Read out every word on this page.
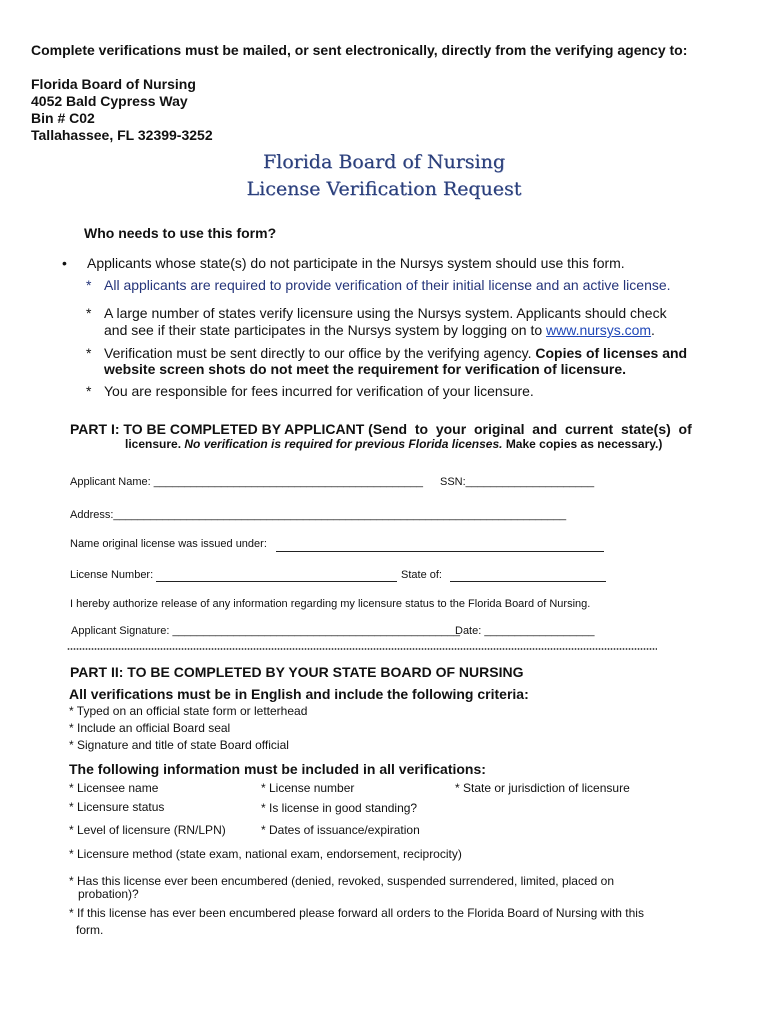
Complete verifications must be mailed, or sent electronically, directly from the verifying agency to:
Florida Board of Nursing
4052 Bald Cypress Way
Bin # C02
Tallahassee, FL 32399-3252
Florida Board of Nursing
License Verification Request
Who needs to use this form?
• Applicants whose state(s) do not participate in the Nursys system should use this form.
* All applicants are required to provide verification of their initial license and an active license.
* A large number of states verify licensure using the Nursys system. Applicants should check
and see if their state participates in the Nursys system by logging on to www.nursys.com.
* Verification must be sent directly to our office by the verifying agency. Copies of licenses and
website screen shots do not meet the requirement for verification of licensure.
* You are responsible for fees incurred for verification of your licensure.
PART I: TO BE COMPLETED BY APPLICANT (Send  to  your  original  and  current  state(s)  of
licensure. No verification is required for previous Florida licenses. Make copies as necessary.)
Applicant Name: ____________________________________________ SSN:_____________________
Address:__________________________________________________________________________
Name original license was issued under:
License Number:	State of:
I hereby authorize release of any information regarding my licensure status to the Florida Board of Nursing.
Applicant Signature: _______________________________________________
Date: __________________
PART II: TO BE COMPLETED BY YOUR STATE BOARD OF NURSING
All verifications must be in English and include the following criteria:
* Typed on an official state form or letterhead
* Include an official Board seal
* Signature and title of state Board official
The following information must be included in all verifications:
* Licensee name	* License number	* State or jurisdiction of licensure
* Licensure status	* Is license in good standing?
* Level of licensure (RN/LPN)	* Dates of issuance/expiration
* Licensure method (state exam, national exam, endorsement, reciprocity)
* Has this license ever been encumbered (denied, revoked, suspended surrendered, limited, placed on
probation)?
* If this license has ever been encumbered please forward all orders to the Florida Board of Nursing with this
form.
